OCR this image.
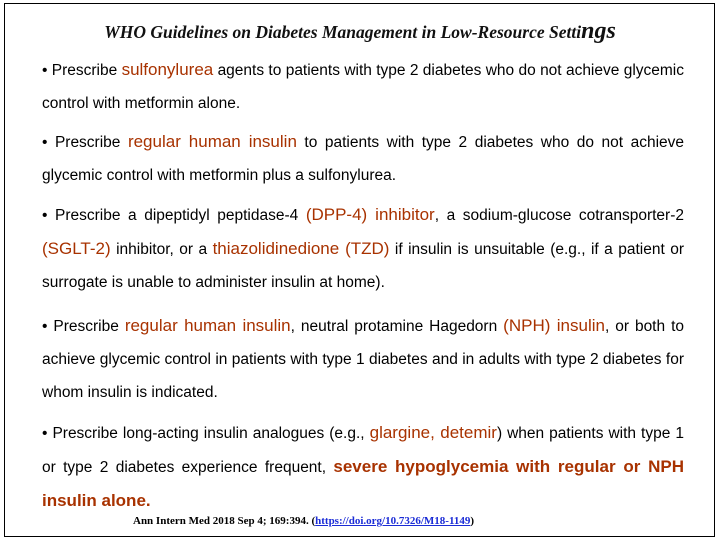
WHO Guidelines on Diabetes Management in Low-Resource Settings

• Prescribe sulfonylurea agents to patients with type 2 diabetes who do not achieve glycemic control with metformin alone.

• Prescribe regular human insulin to patients with type 2 diabetes who do not achieve glycemic control with metformin plus a sulfonylurea.

• Prescribe a dipeptidyl peptidase-4 (DPP-4) inhibitor, a sodium-glucose cotransporter-2 (SGLT-2) inhibitor, or a thiazolidinedione (TZD) if insulin is unsuitable (e.g., if a patient or surrogate is unable to administer insulin at home).

• Prescribe regular human insulin, neutral protamine Hagedorn (NPH) insulin, or both to achieve glycemic control in patients with type 1 diabetes and in adults with type 2 diabetes for whom insulin is indicated.

• Prescribe long-acting insulin analogues (e.g., glargine, detemir) when patients with type 1 or type 2 diabetes experience frequent, severe hypoglycemia with regular or NPH insulin alone.

Ann Intern Med 2018 Sep 4; 169:394. (https://doi.org/10.7326/M18-1149)
